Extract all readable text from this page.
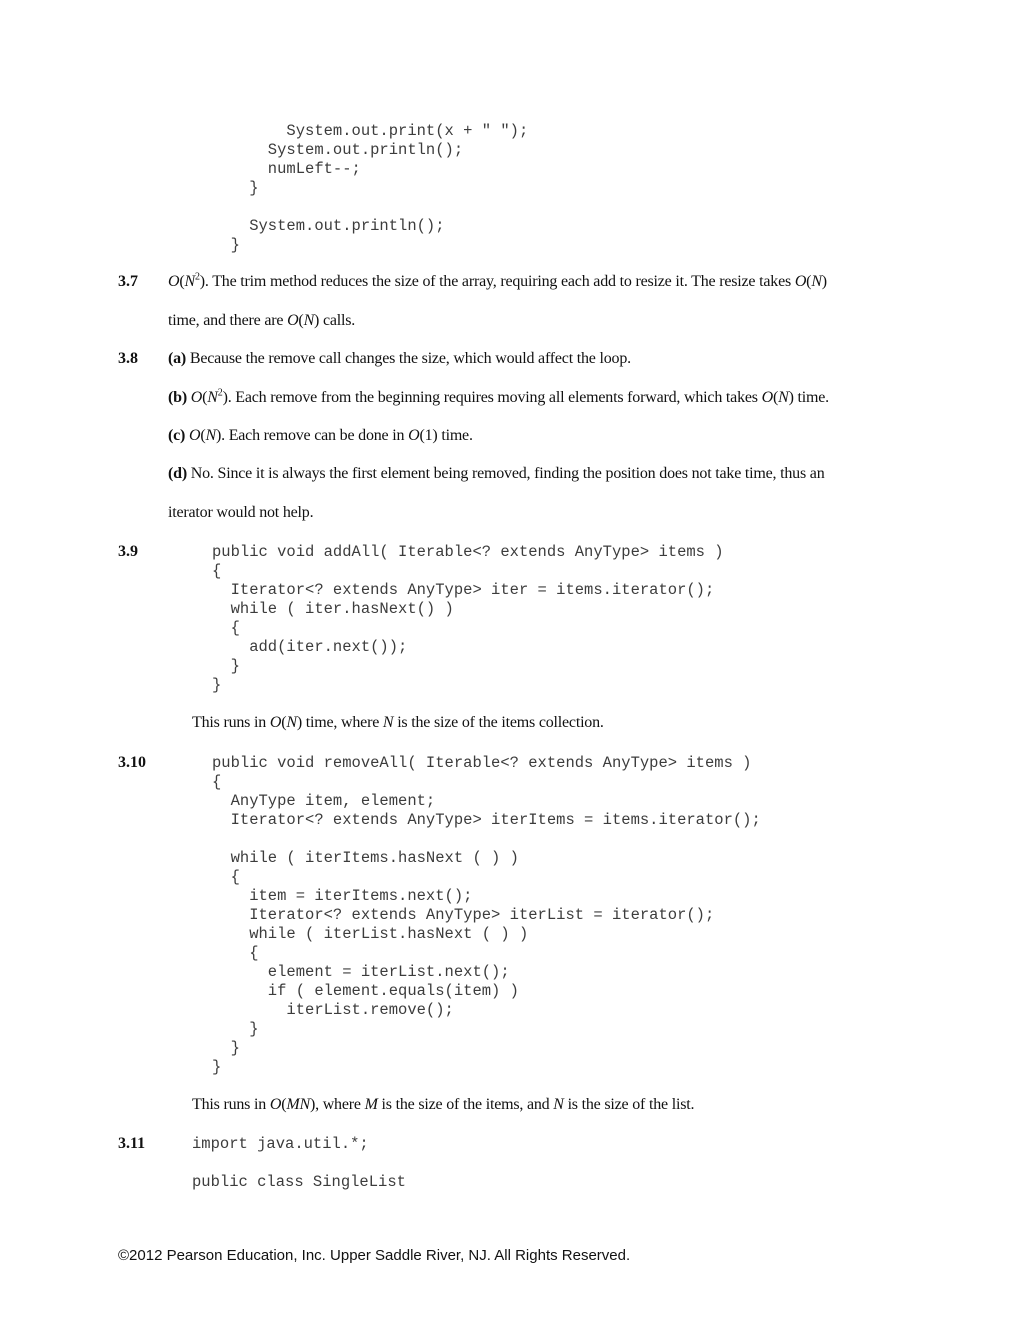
System.out.print(x + " ");
System.out.println();
numLeft--;
}

System.out.println();
}
3.7 $O(N^2)$. The trim method reduces the size of the array, requiring each add to resize it. The resize takes O(N)
time, and there are O(N) calls.
3.8 (a) Because the remove call changes the size, which would affect the loop.
(b) $O(N^2)$. Each remove from the beginning requires moving all elements forward, which takes O(N) time.
(c) O(N). Each remove can be done in O(1) time.
(d) No. Since it is always the first element being removed, finding the position does not take time, thus an
iterator would not help.
3.9	public void addAll( Iterable<? extends AnyType> items )
{
Iterator<? extends AnyType> iter = items.iterator();
while ( iter.hasNext() )
{
add(iter.next());
}
}
This runs in O(N) time, where N is the size of the items collection.
3.10	public void removeAll( Iterable<? extends AnyType> items )
{
AnyType item, element;
Iterator<? extends AnyType> iterItems = items.iterator();

while ( iterItems.hasNext ( ) )
{
item = iterItems.next();
Iterator<? extends AnyType> iterList = iterator();
while ( iterList.hasNext ( ) )
{
element = iterList.next();
if ( element.equals(item) )
iterList.remove();
}
}
}
This runs in O(MN), where M is the size of the items, and N is the size of the list.
3.11	import java.util.*;

public class SingleList
©2012 Pearson Education, Inc. Upper Saddle River, NJ. All Rights Reserved.
